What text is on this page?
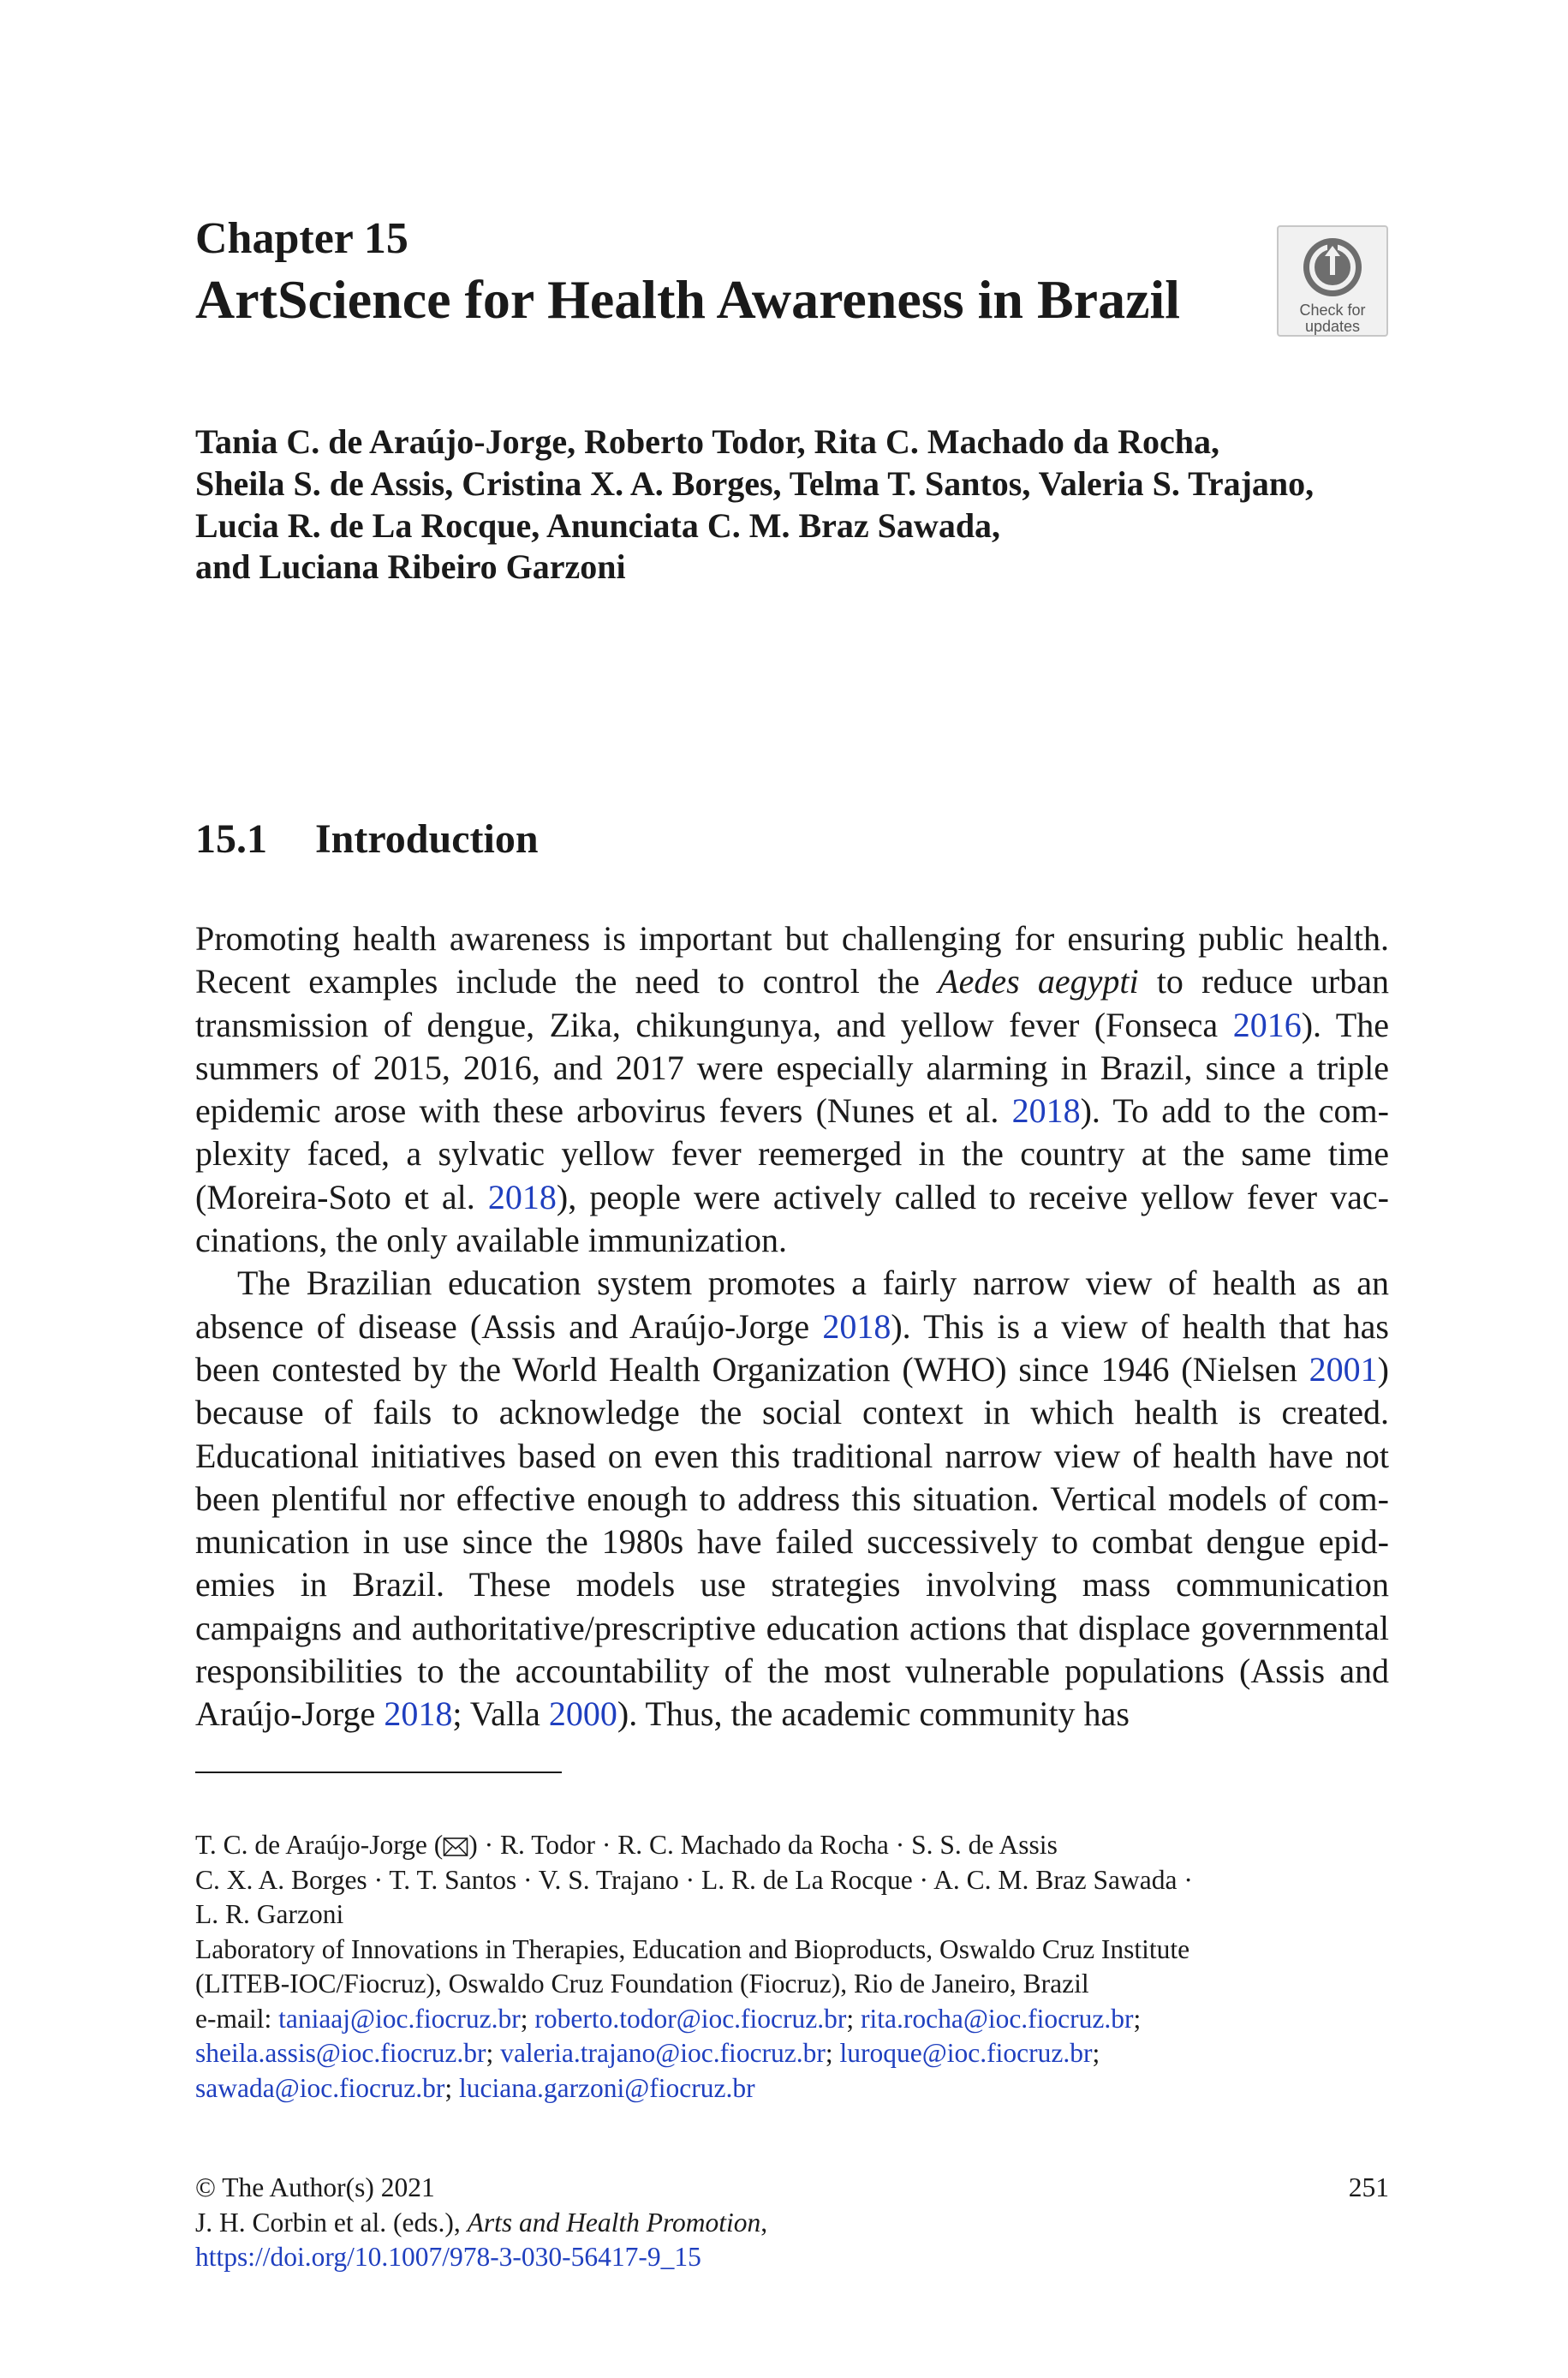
Chapter 15
ArtScience for Health Awareness in Brazil	Check for
updates
Tania C. de Araújo-Jorge, Roberto Todor, Rita C. Machado da Rocha,
Sheila S. de Assis, Cristina X. A. Borges, Telma T. Santos, Valeria S. Trajano,
Lucia R. de La Rocque, Anunciata C. M. Braz Sawada,
and Luciana Ribeiro Garzoni
15.1 Introduction

Promoting health awareness is important but challenging for ensuring public health. Recent examples include the need to control the Aedes aegypti to reduce urban transmission of dengue, Zika, chikungunya, and yellow fever (Fonseca 2016). The summers of 2015, 2016, and 2017 were especially alarming in Brazil, since a triple epidemic arose with these arbovirus fevers (Nunes et al. 2018). To add to the complexity faced, a sylvatic yellow fever reemerged in the country at the same time (Moreira-Soto et al. 2018), people were actively called to receive yellow fever vaccinations, the only available immunization.

The Brazilian education system promotes a fairly narrow view of health as an absence of disease (Assis and Araújo-Jorge 2018). This is a view of health that has been contested by the World Health Organization (WHO) since 1946 (Nielsen 2001) because of fails to acknowledge the social context in which health is created. Educational initiatives based on even this traditional narrow view of health have not been plentiful nor effective enough to address this situation. Vertical models of communication in use since the 1980s have failed successively to combat dengue epidemies in Brazil. These models use strategies involving mass communication campaigns and authoritative/prescriptive education actions that displace governmental responsibilities to the accountability of the most vulnerable populations (Assis and Araújo-Jorge 2018; Valla 2000). Thus, the academic community has

T. C. de Araújo-Jorge ( ) · R. Todor · R. C. Machado da Rocha · S. S. de Assis
C. X. A. Borges · T. T. Santos · V. S. Trajano · L. R. de La Rocque · A. C. M. Braz Sawada ·
L. R. Garzoni
Laboratory of Innovations in Therapies, Education and Bioproducts, Oswaldo Cruz Institute
(LITEB-IOC/Fiocruz), Oswaldo Cruz Foundation (Fiocruz), Rio de Janeiro, Brazil
e-mail: taniaaj@ioc.fiocruz.br; roberto.todor@ioc.fiocruz.br; rita.rocha@ioc.fiocruz.br;
sheila.assis@ioc.fiocruz.br; valeria.trajano@ioc.fiocruz.br; luroque@ioc.fiocruz.br;
sawada@ioc.fiocruz.br; luciana.garzoni@fiocruz.br
© The Author(s) 2021
J. H. Corbin et al. (eds.), Arts and Health Promotion,
https://doi.org/10.1007/978-3-030-56417-9_15
251
